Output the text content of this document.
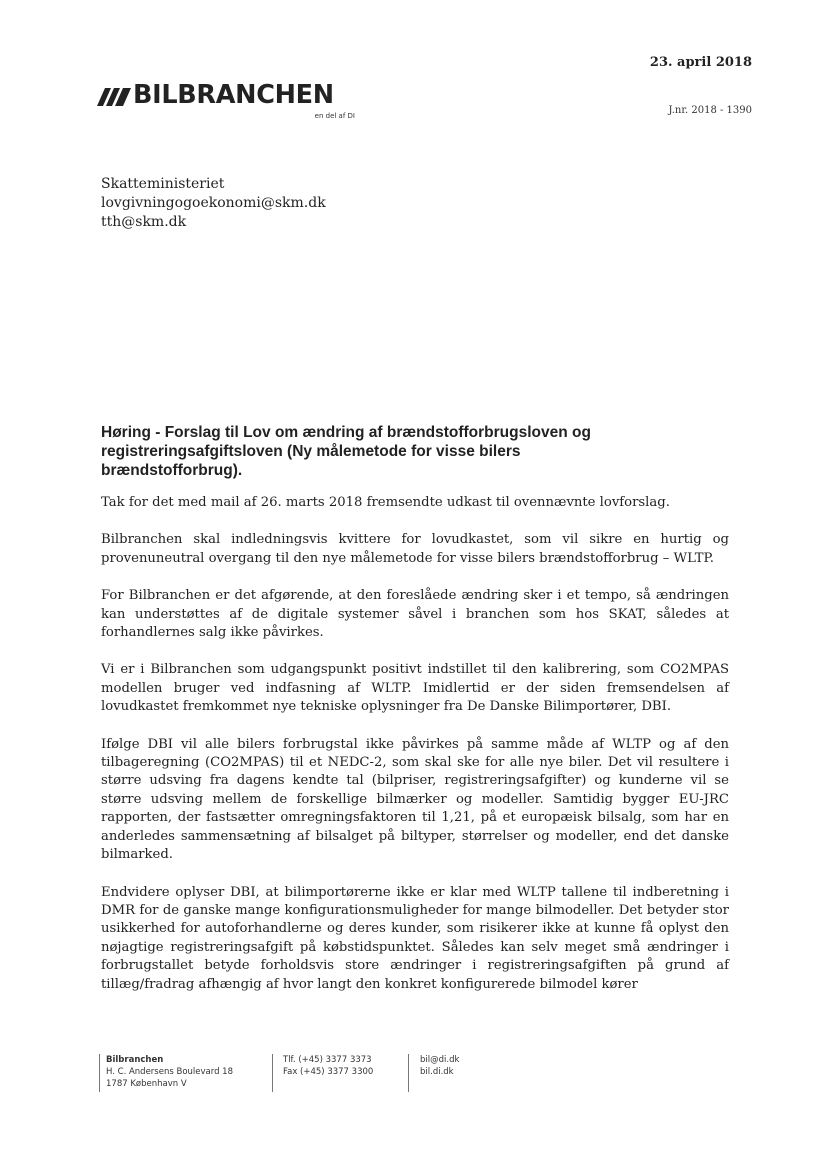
23. april 2018
BILBRANCHEN
en del af DI	J.nr. 2018 - 1390
Skatteministeriet
lovgivningogoekonomi@skm.dk
tth@skm.dk
Høring - Forslag til Lov om ændring af brændstofforbrugsloven og registreringsafgiftsloven (Ny målemetode for visse bilers brændstofforbrug).

Tak for det med mail af 26. marts 2018 fremsendte udkast til ovennævnte lovforslag.

Bilbranchen skal indledningsvis kvittere for lovudkastet, som vil sikre en hurtig og provenuneutral overgang til den nye målemetode for visse bilers brændstofforbrug – WLTP.

For Bilbranchen er det afgørende, at den foreslåede ændring sker i et tempo, så ændringen kan understøttes af de digitale systemer såvel i branchen som hos SKAT, således at forhandlernes salg ikke påvirkes.

Vi er i Bilbranchen som udgangspunkt positivt indstillet til den kalibrering, som CO2MPAS modellen bruger ved indfasning af WLTP. Imidlertid er der siden fremsendelsen af lovudkastet fremkommet nye tekniske oplysninger fra De Danske Bilimportører, DBI.

Ifølge DBI vil alle bilers forbrugstal ikke påvirkes på samme måde af WLTP og af den tilbageregning (CO2MPAS) til et NEDC-2, som skal ske for alle nye biler. Det vil resultere i større udsving fra dagens kendte tal (bilpriser, registreringsafgifter) og kunderne vil se større udsving mellem de forskellige bilmærker og modeller. Samtidig bygger EU-JRC rapporten, der fastsætter omregningsfaktoren til 1,21, på et europæisk bilsalg, som har en anderledes sammensætning af bilsalget på biltyper, størrelser og modeller, end det danske bilmarked.

Endvidere oplyser DBI, at bilimportørerne ikke er klar med WLTP tallene til indberetning i DMR for de ganske mange konfigurationsmuligheder for mange bilmodeller. Det betyder stor usikkerhed for autoforhandlerne og deres kunder, som risikerer ikke at kunne få oplyst den nøjagtige registreringsafgift på købstidspunktet. Således kan selv meget små ændringer i forbrugstallet betyde forholdsvis store ændringer i registreringsafgiften på grund af tillæg/fradrag afhængig af hvor langt den konkret konfigurerede bilmodel kører

Bilbranchen
H. C. Andersens Boulevard 18
1787 København V
Tlf. (+45) 3377 3373
Fax (+45) 3377 3300
bil@di.dk
bil.di.dk
